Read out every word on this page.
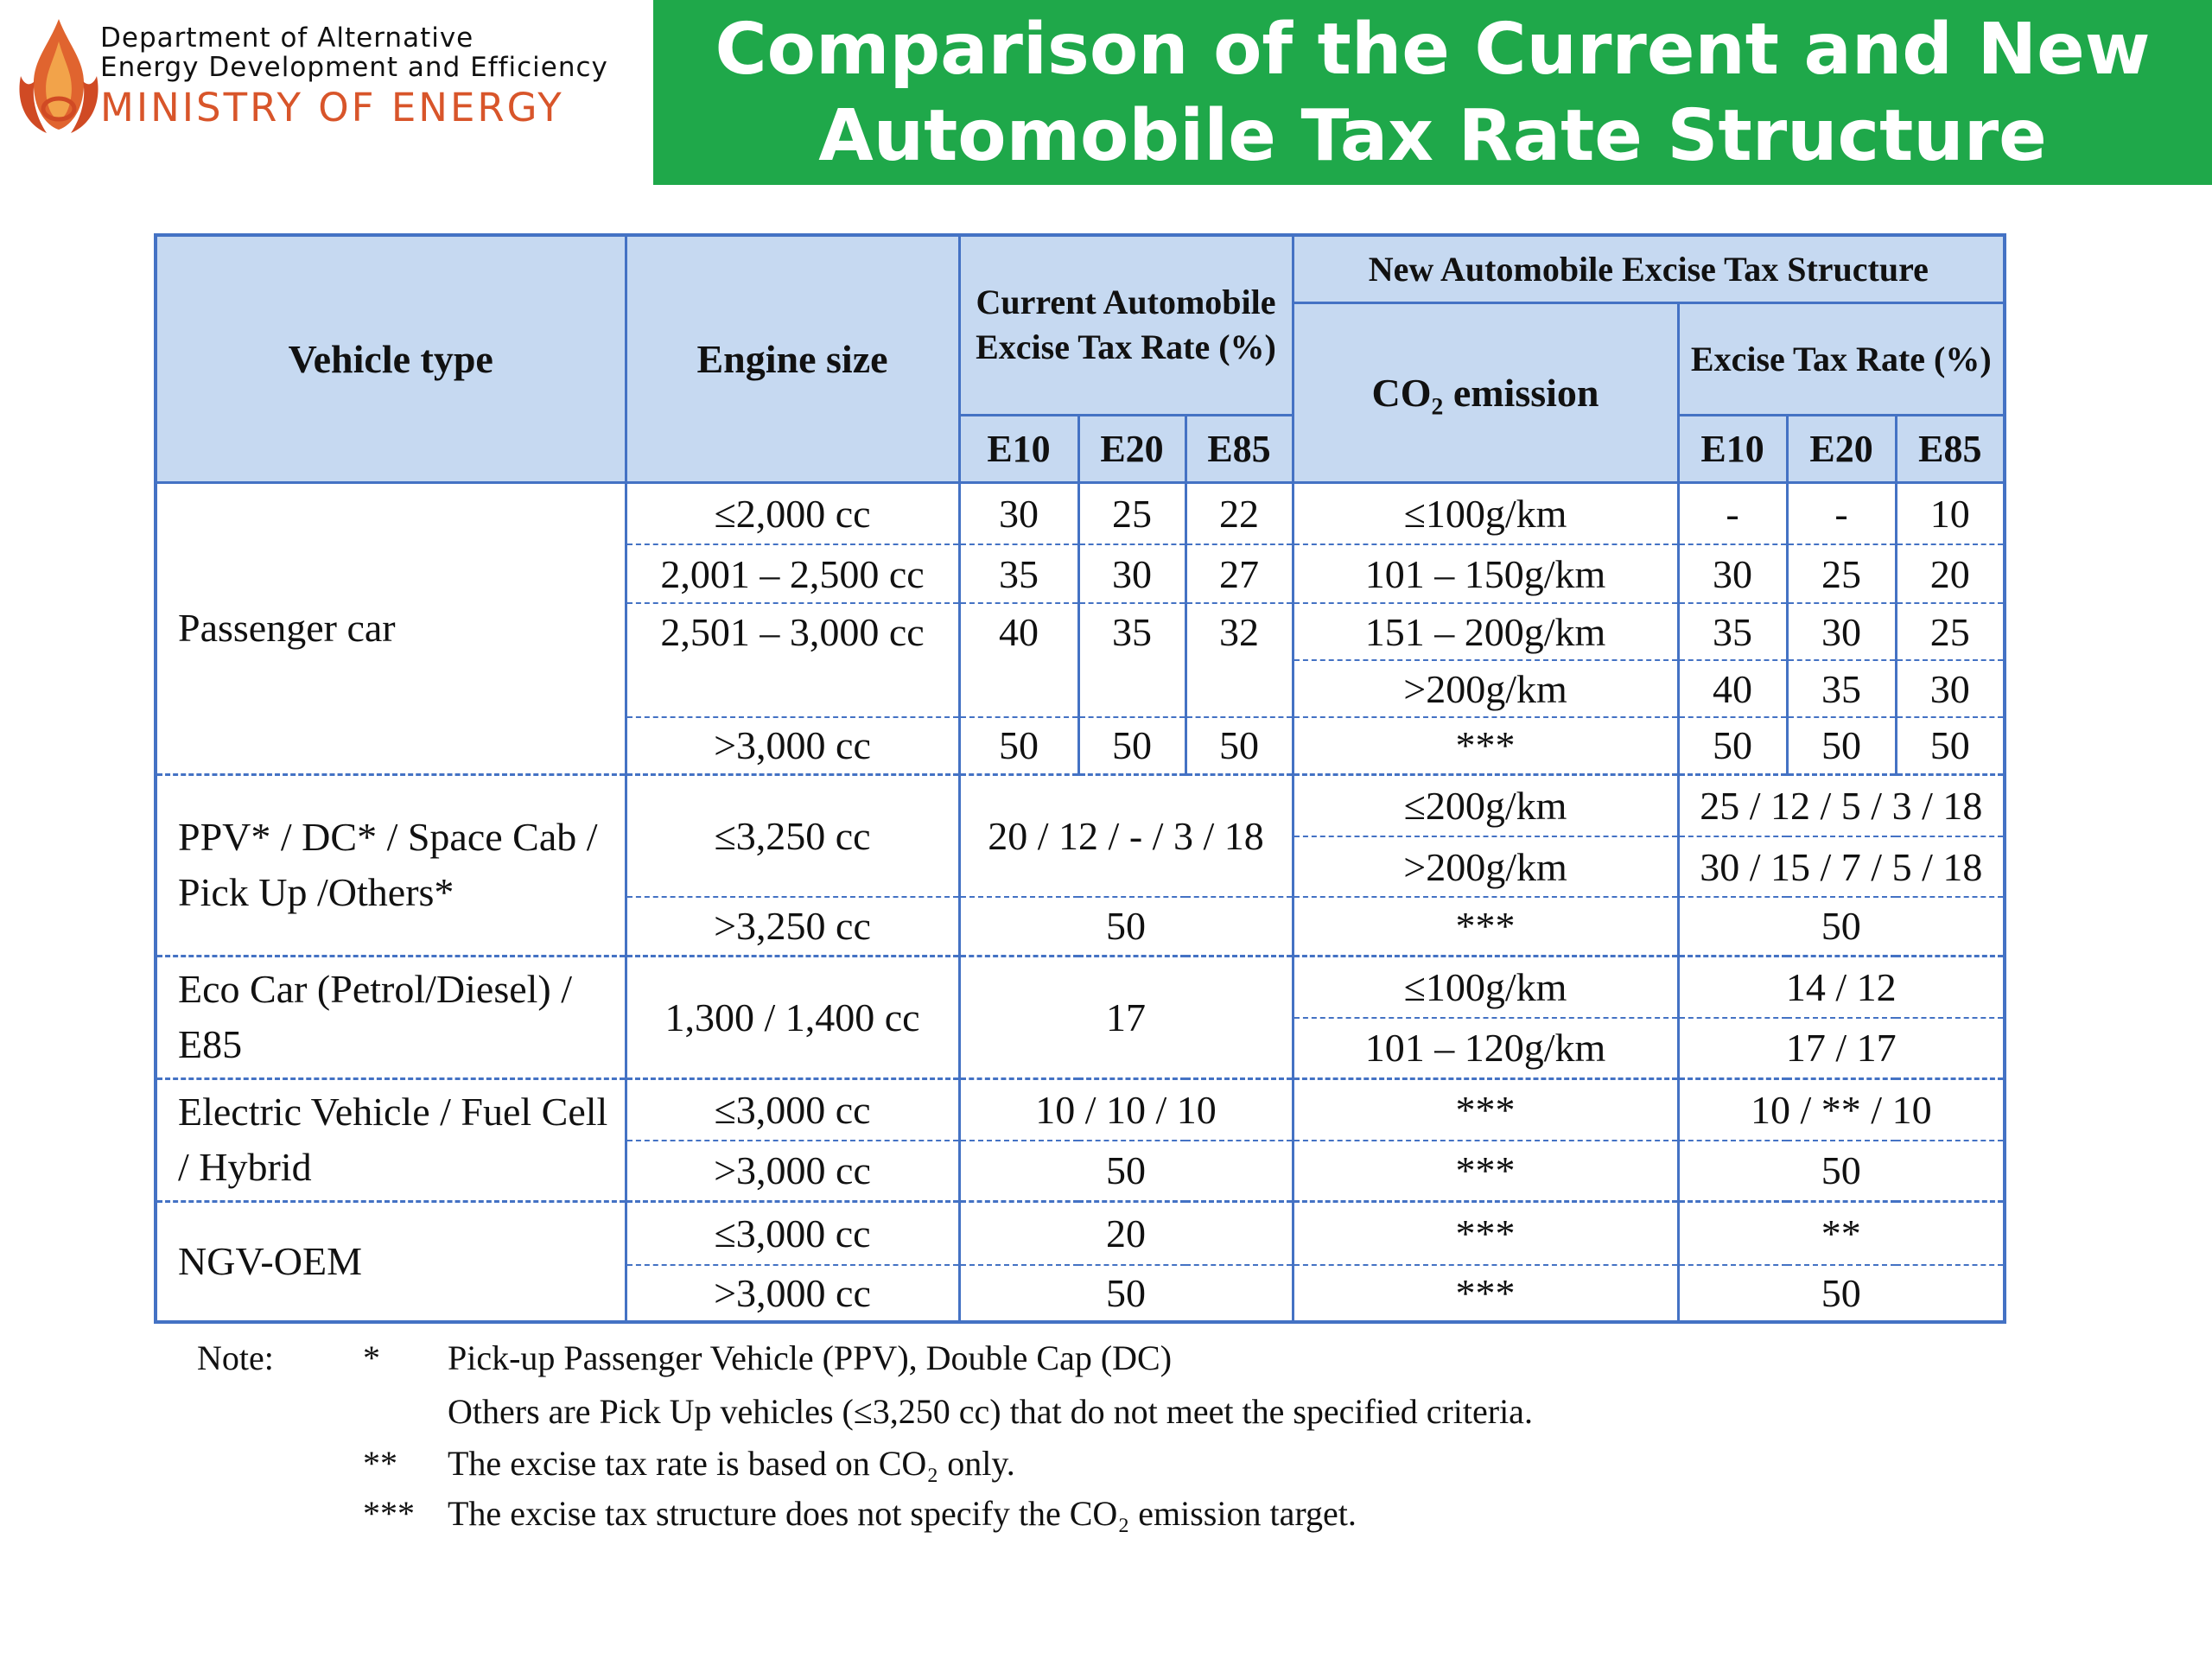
Department of Alternative
Energy Development and Efficiency
MINISTRY OF ENERGY
Comparison of the Current and New
Automobile Tax Rate Structure
Vehicle type	Engine size	Current Automobile Excise Tax Rate (%)			New Automobile Excise Tax Structure			
					CO₂ emission	Excise Tax Rate (%)		
		E10	E20	E85		E10	E20	E85
Passenger car	≤2,000 cc	30	25	22	≤100g/km	-	-	10
	2,001 – 2,500 cc	35	30	27	101 – 150g/km	30	25	20
	2,501 – 3,000 cc	40	35	32	151 – 200g/km	35	30	25
					>200g/km	40	35	30
	>3,000 cc	50	50	50	***	50	50	50
PPV* / DC* / Space Cab / Pick Up /Others*	≤3,250 cc	20 / 12 / - / 3 / 18			≤200g/km	25 / 12 / 5 / 3 / 18		
					>200g/km	30 / 15 / 7 / 5 / 18		
	>3,250 cc	50			***	50		
Eco Car (Petrol/Diesel) / E85	1,300 / 1,400 cc	17			≤100g/km	14 / 12		
					101 – 120g/km	17 / 17		
Electric Vehicle / Fuel Cell / Hybrid	≤3,000 cc	10 / 10 / 10			***	10 / ** / 10		
	>3,000 cc	50			***	50		
NGV-OEM	≤3,000 cc	20			***	**		
	>3,000 cc	50			***	50		
Note:	* Pick-up Passenger Vehicle (PPV), Double Cap (DC)
Others are Pick Up vehicles (≤3,250 cc) that do not meet the specified criteria.
** The excise tax rate is based on CO₂ only.
*** The excise tax structure does not specify the CO₂ emission target.
